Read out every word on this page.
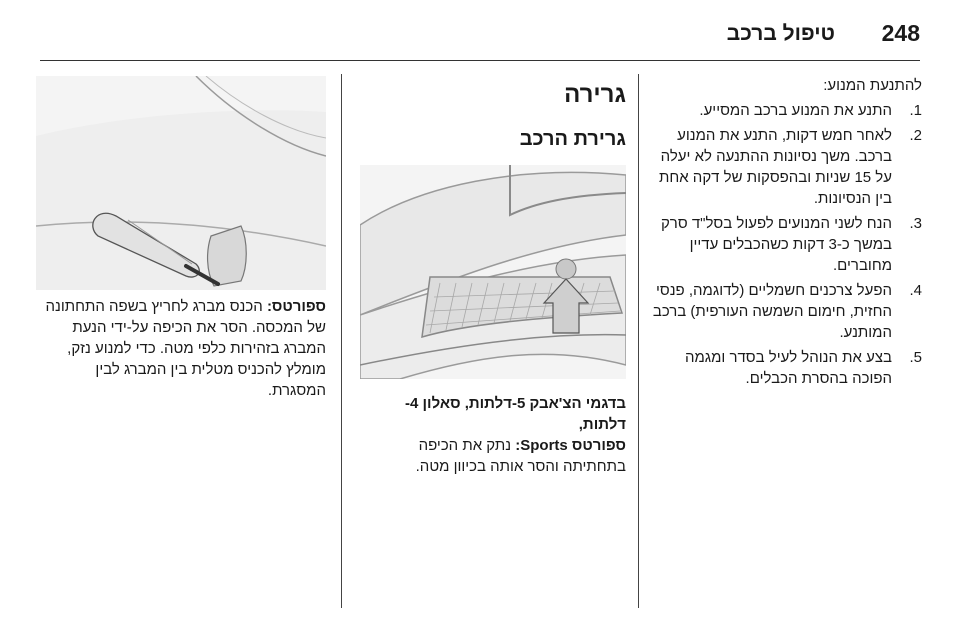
טיפול ברכב 248

להתנעת המנוע:

1.
התנע את המנוע ברכב המסייע.
2.
לאחר חמש דקות, התנע את המנוע ברכב. משך נסיונות ההתנעה לא יעלה על 15 שניות ובהפסקות של דקה אחת בין הנסיונות.
3.
הנח לשני המנועים לפעול בסל"ד סרק במשך כ-3 דקות כשהכבלים עדיין מחוברים.
4.
הפעל צרכנים חשמליים (לדוגמה, פנסי החזית, חימום השמשה העורפית) ברכב המותנע.
5.
בצע את הנוהל לעיל בסדר ומגמה הפוכה בהסרת הכבלים.
גרירה
גרירת הרכב
בדגמי הצ'אבק 5-דלתות, סאלון 4-דלתות,
ספורטס Sports: נתק את הכיפה בתחתיתה והסר אותה בכיוון מטה.
ספורטס: הכנס מברג לחריץ בשפה התחתונה של המכסה. הסר את הכיפה על-ידי הנעת המברג בזהירות כלפי מטה. כדי למנוע נזק, מומלץ להכניס מטלית בין המברג לבין המסגרת.
